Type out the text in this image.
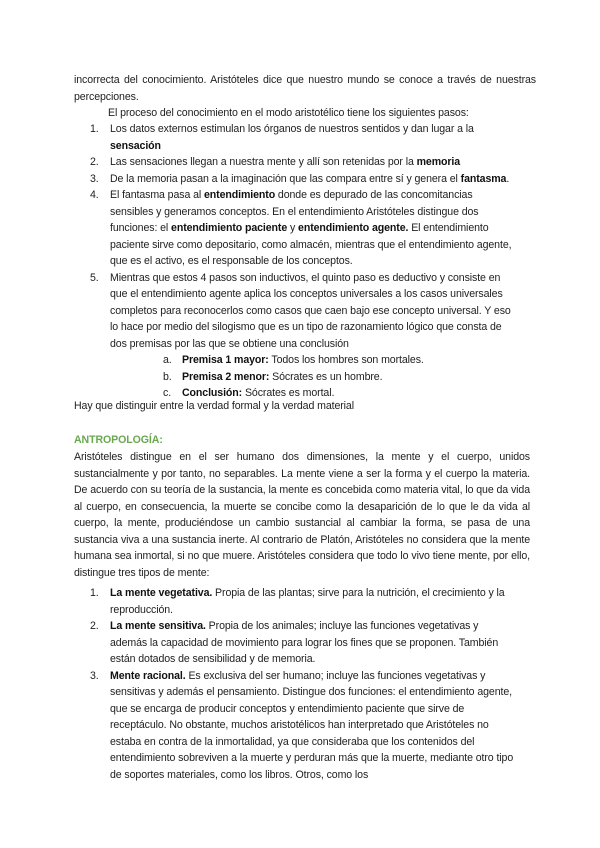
incorrecta del conocimiento. Aristóteles dice que nuestro mundo se conoce a través de nuestras percepciones.
El proceso del conocimiento en el modo aristotélico tiene los siguientes pasos:
1. Los datos externos estimulan los órganos de nuestros sentidos y dan lugar a la sensación
2. Las sensaciones llegan a nuestra mente y allí son retenidas por la memoria
3. De la memoria pasan a la imaginación que las compara entre sí y genera el fantasma.
4. El fantasma pasa al entendimiento donde es depurado de las concomitancias sensibles y generamos conceptos. En el entendimiento Aristóteles distingue dos funciones: el entendimiento paciente y entendimiento agente. El entendimiento paciente sirve como depositario, como almacén, mientras que el entendimiento agente, que es el activo, es el responsable de los conceptos.
5. Mientras que estos 4 pasos son inductivos, el quinto paso es deductivo y consiste en que el entendimiento agente aplica los conceptos universales a los casos universales completos para reconocerlos como casos que caen bajo ese concepto universal. Y eso lo hace por medio del silogismo que es un tipo de razonamiento lógico que consta de dos premisas por las que se obtiene una conclusión
a. Premisa 1 mayor: Todos los hombres son mortales.
b. Premisa 2 menor: Sócrates es un hombre.
c. Conclusión: Sócrates es mortal.
Hay que distinguir entre la verdad formal y la verdad material
ANTROPOLOGÍA:
Aristóteles distingue en el ser humano dos dimensiones, la mente y el cuerpo, unidos sustancialmente y por tanto, no separables. La mente viene a ser la forma y el cuerpo la materia. De acuerdo con su teoría de la sustancia, la mente es concebida como materia vital, lo que da vida al cuerpo, en consecuencia, la muerte se concibe como la desaparición de lo que le da vida al cuerpo, la mente, produciéndose un cambio sustancial al cambiar la forma, se pasa de una sustancia viva a una sustancia inerte. Al contrario de Platón, Aristóteles no considera que la mente humana sea inmortal, si no que muere. Aristóteles considera que todo lo vivo tiene mente, por ello, distingue tres tipos de mente:
1. La mente vegetativa. Propia de las plantas; sirve para la nutrición, el crecimiento y la reproducción.
2. La mente sensitiva. Propia de los animales; incluye las funciones vegetativas y además la capacidad de movimiento para lograr los fines que se proponen. También están dotados de sensibilidad y de memoria.
3. Mente racional. Es exclusiva del ser humano; incluye las funciones vegetativas y sensitivas y además el pensamiento. Distingue dos funciones: el entendimiento agente, que se encarga de producir conceptos y entendimiento paciente que sirve de receptáculo. No obstante, muchos aristotélicos han interpretado que Aristóteles no estaba en contra de la inmortalidad, ya que consideraba que los contenidos del entendimiento sobreviven a la muerte y perduran más que la muerte, mediante otro tipo de soportes materiales, como los libros. Otros, como los
